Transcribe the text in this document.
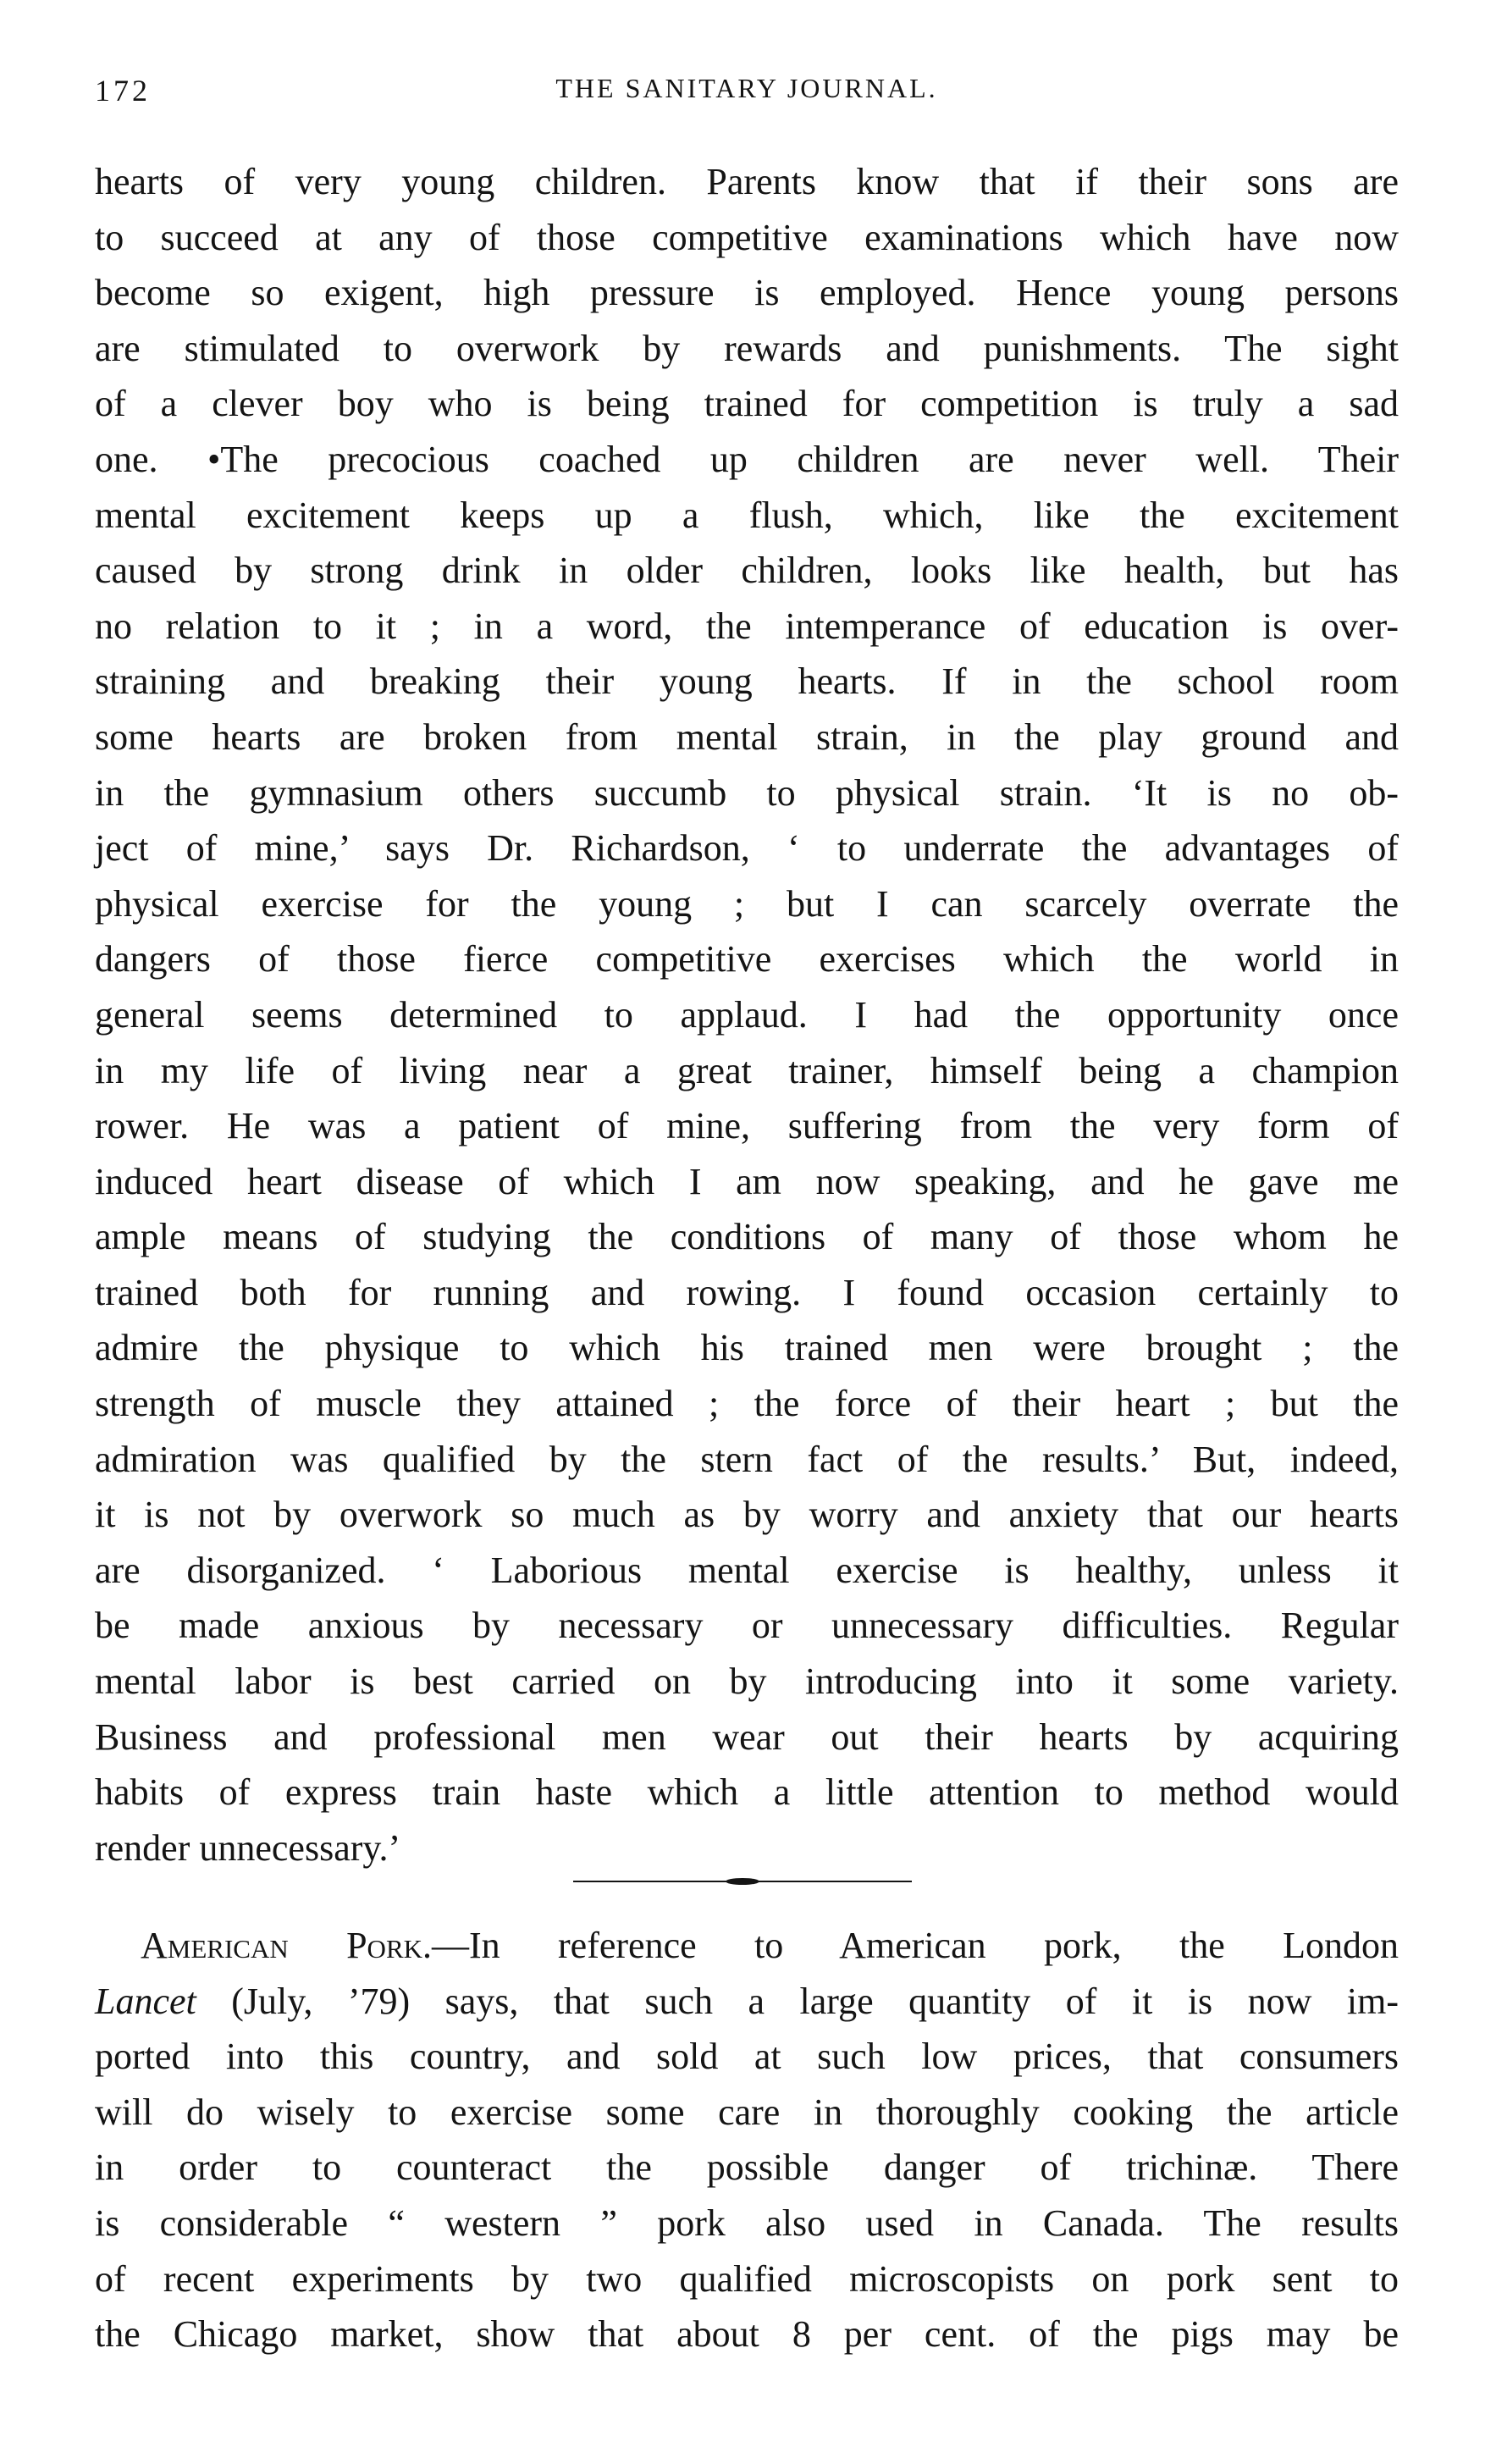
172	THE SANITARY JOURNAL.
hearts of very young children. Parents know that if their sons are
to succeed at any of those competitive examinations which have now
become so exigent, high pressure is employed. Hence young persons
are stimulated to overwork by rewards and punishments. The sight
of a clever boy who is being trained for competition is truly a sad
one. •The precocious coached up children are never well. Their
mental excitement keeps up a flush, which, like the excitement
caused by strong drink in older children, looks like health, but has
no relation to it ; in a word, the intemperance of education is over-
straining and breaking their young hearts. If in the school room
some hearts are broken from mental strain, in the play ground and
in the gymnasium others succumb to physical strain. ‘It is no ob-
ject of mine,’ says Dr. Richardson, ‘ to underrate the advantages of
physical exercise for the young ; but I can scarcely overrate the
dangers of those fierce competitive exercises which the world in
general seems determined to applaud. I had the opportunity once
in my life of living near a great trainer, himself being a champion
rower. He was a patient of mine, suffering from the very form of
induced heart disease of which I am now speaking, and he gave me
ample means of studying the conditions of many of those whom he
trained both for running and rowing. I found occasion certainly to
admire the physique to which his trained men were brought ; the
strength of muscle they attained ; the force of their heart ; but the
admiration was qualified by the stern fact of the results.’ But, indeed,
it is not by overwork so much as by worry and anxiety that our hearts
are disorganized. ‘ Laborious mental exercise is healthy, unless it
be made anxious by necessary or unnecessary difficulties. Regular
mental labor is best carried on by introducing into it some variety.
Business and professional men wear out their hearts by acquiring
habits of express train haste which a little attention to method would
render unnecessary.’
American Pork.—In reference to American pork, the London
Lancet (July, ’79) says, that such a large quantity of it is now im-
ported into this country, and sold at such low prices, that consumers
will do wisely to exercise some care in thoroughly cooking the article
in order to counteract the possible danger of trichinæ. There
is considerable “ western ” pork also used in Canada. The results
of recent experiments by two qualified microscopists on pork sent to
the Chicago market, show that about 8 per cent. of the pigs may be
